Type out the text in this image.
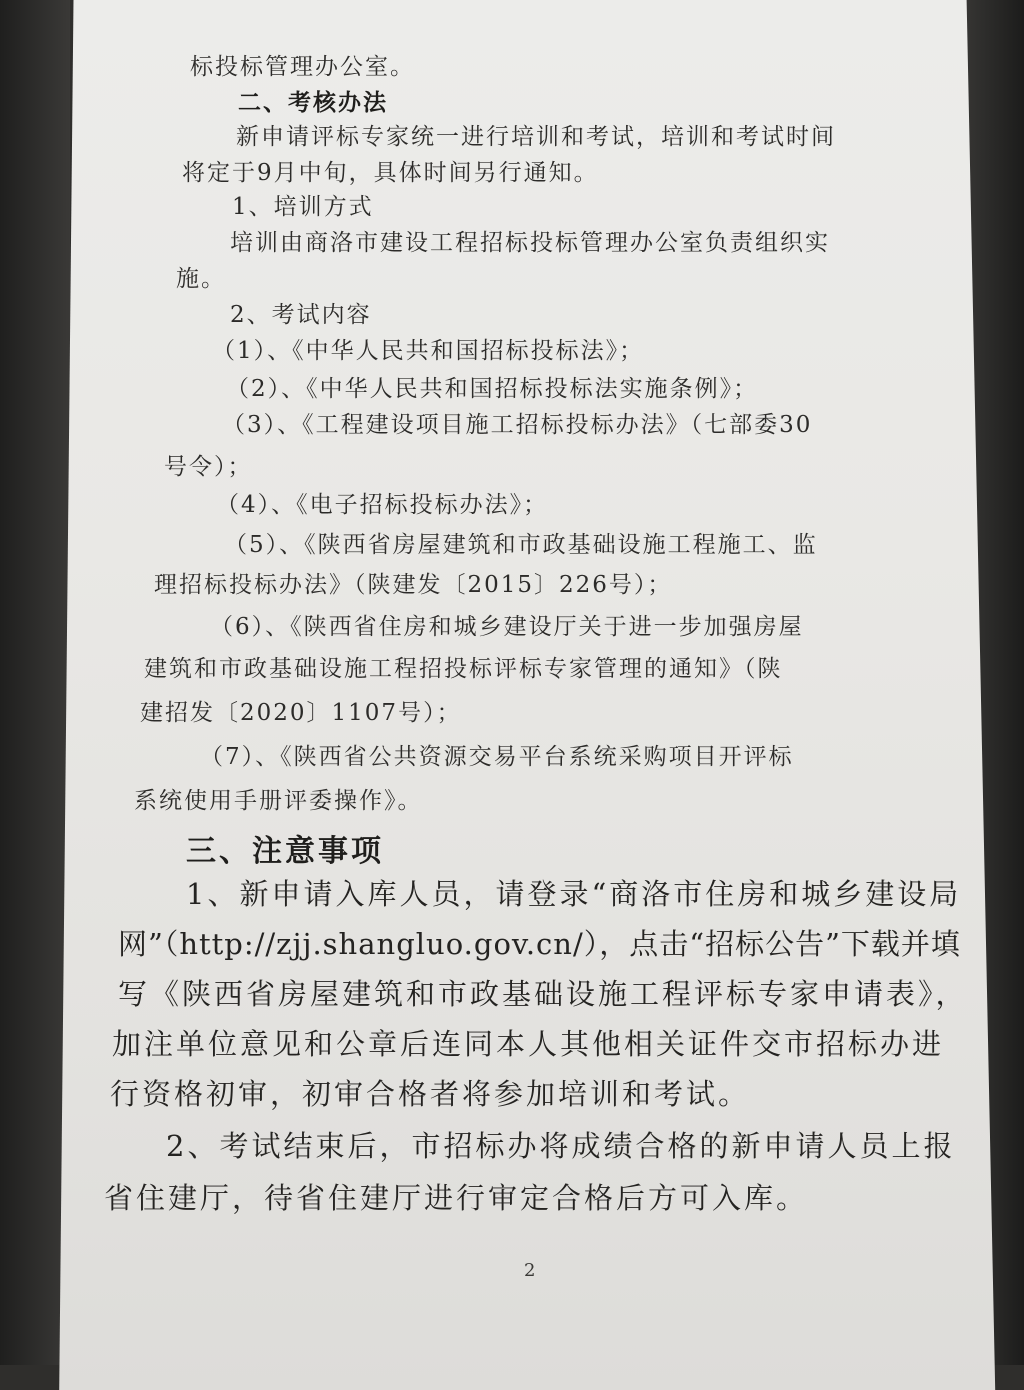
标投标管理办公室。
二、考核办法
新申请评标专家统一进行培训和考试，培训和考试时间
将定于9月中旬，具体时间另行通知。
1、培训方式
培训由商洛市建设工程招标投标管理办公室负责组织实
施。
2、考试内容
（1）、《中华人民共和国招标投标法》；
（2）、《中华人民共和国招标投标法实施条例》；
（3）、《工程建设项目施工招标投标办法》（七部委30
号令）；
（4）、《电子招标投标办法》；
（5）、《陕西省房屋建筑和市政基础设施工程施工、监
理招标投标办法》（陕建发〔2015〕226号）；
（6）、《陕西省住房和城乡建设厅关于进一步加强房屋
建筑和市政基础设施工程招投标评标专家管理的通知》（陕
建招发〔2020〕1107号）；
（7）、《陕西省公共资源交易平台系统采购项目开评标
系统使用手册评委操作》。
三、注意事项
1、新申请入库人员，请登录“商洛市住房和城乡建设局
网”（http://zjj.shangluo.gov.cn/），点击“招标公告”下载并填
写《陕西省房屋建筑和市政基础设施工程评标专家申请表》，
加注单位意见和公章后连同本人其他相关证件交市招标办进
行资格初审，初审合格者将参加培训和考试。
2、考试结束后，市招标办将成绩合格的新申请人员上报
省住建厅，待省住建厅进行审定合格后方可入库。
2
